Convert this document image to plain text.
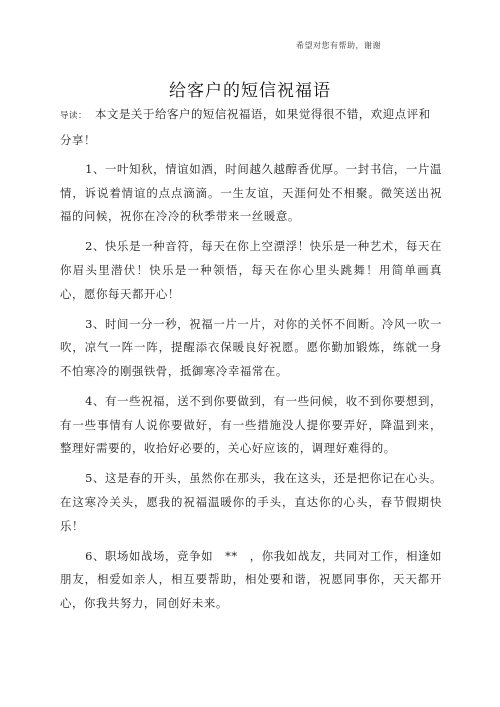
希望对您有帮助，谢谢
给客户的短信祝福语

导读： 本文是关于给客户的短信祝福语，如果觉得很不错，欢迎点评和分享！

1、一叶知秋，情谊如酒，时间越久越醇香优厚。一封书信，一片温情，诉说着情谊的点点滴滴。一生友谊，天涯何处不相聚。微笑送出祝福的问候，祝你在冷冷的秋季带来一丝暖意。

2、快乐是一种音符，每天在你上空漂浮！快乐是一种艺术，每天在你眉头里潜伏！快乐是一种领悟，每天在你心里头跳舞！用简单画真心，愿你每天都开心！

3、时间一分一秒，祝福一片一片，对你的关怀不间断。冷风一吹一吹，凉气一阵一阵，提醒添衣保暖良好祝愿。愿你勤加锻炼，练就一身不怕寒冷的刚强铁骨，抵御寒冷幸福常在。

4、有一些祝福，送不到你要做到，有一些问候，收不到你要想到，有一些事情有人说你要做好，有一些措施没人提你要弄好，降温到来，整理好需要的，收拾好必要的，关心好应该的，调理好难得的。

5、这是春的开头，虽然你在那头，我在这头，还是把你记在心头。在这寒冷关头，愿我的祝福温暖你的手头，直达你的心头，春节假期快乐！

6、职场如战场，竞争如　**　，你我如战友，共同对工作，相逢如朋友，相爱如亲人，相互要帮助，相处要和谐，祝愿同事你，天天都开心，你我共努力，同创好未来。
